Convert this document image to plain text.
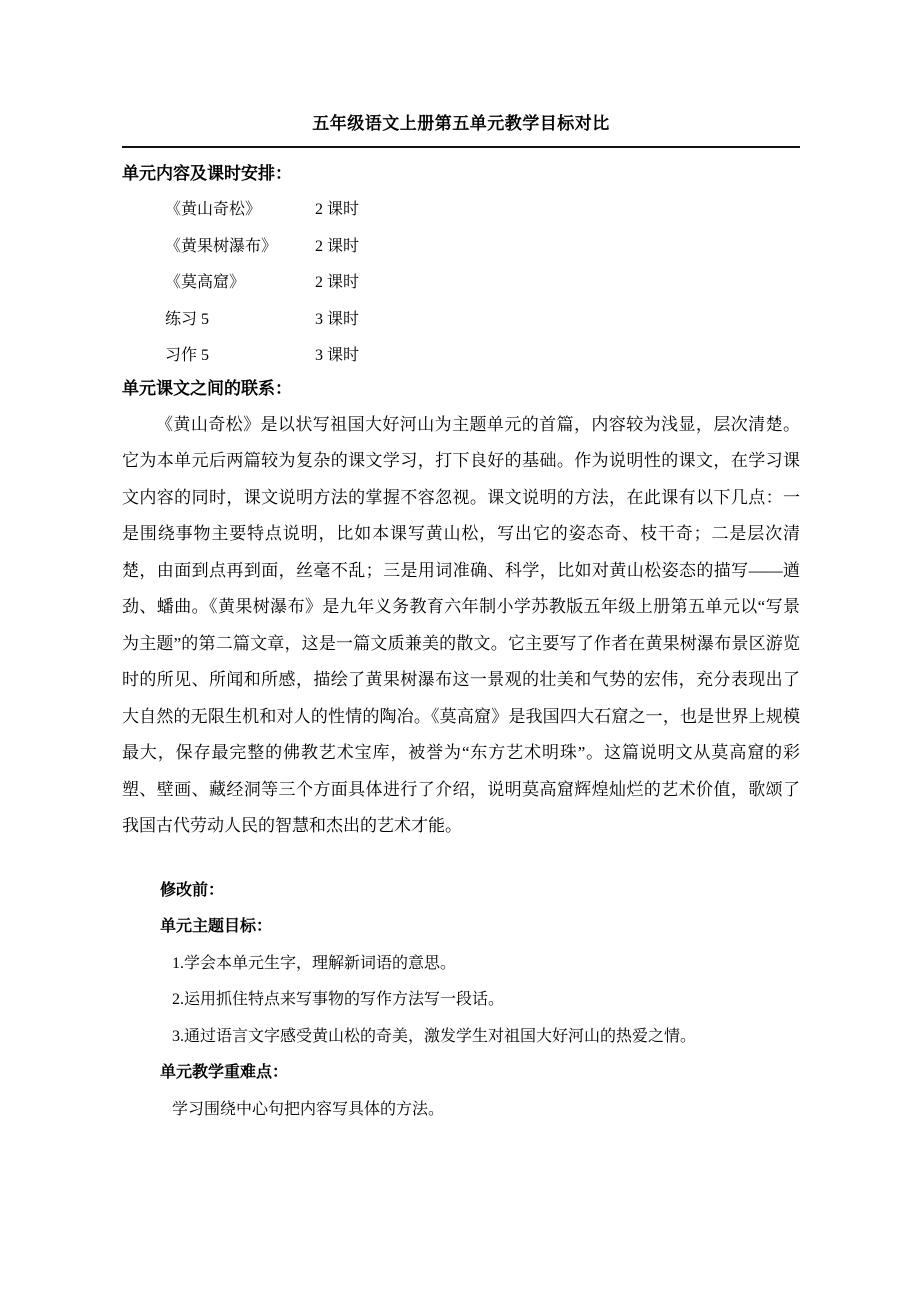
五年级语文上册第五单元教学目标对比
单元内容及课时安排：
《黄山奇松》	2 课时
《黄果树瀑布》	2 课时
《莫高窟》	2 课时
练习 5	3 课时
习作 5	3 课时
单元课文之间的联系：

《黄山奇松》是以状写祖国大好河山为主题单元的首篇，内容较为浅显，层次清楚。它为本单元后两篇较为复杂的课文学习，打下良好的基础。作为说明性的课文，在学习课文内容的同时，课文说明方法的掌握不容忽视。课文说明的方法，在此课有以下几点：一是围绕事物主要特点说明，比如本课写黄山松，写出它的姿态奇、枝干奇；二是层次清楚，由面到点再到面，丝毫不乱；三是用词准确、科学，比如对黄山松姿态的描写——遒劲、蟠曲。《黄果树瀑布》是九年义务教育六年制小学苏教版五年级上册第五单元以“写景为主题”的第二篇文章，这是一篇文质兼美的散文。它主要写了作者在黄果树瀑布景区游览时的所见、所闻和所感，描绘了黄果树瀑布这一景观的壮美和气势的宏伟，充分表现出了大自然的无限生机和对人的性情的陶冶。《莫高窟》是我国四大石窟之一，也是世界上规模最大，保存最完整的佛教艺术宝库，被誉为“东方艺术明珠”。这篇说明文从莫高窟的彩塑、壁画、藏经洞等三个方面具体进行了介绍，说明莫高窟辉煌灿烂的艺术价值，歌颂了我国古代劳动人民的智慧和杰出的艺术才能。

修改前：
单元主题目标：

1.学会本单元生字，理解新词语的意思。

2.运用抓住特点来写事物的写作方法写一段话。

3.通过语言文字感受黄山松的奇美，激发学生对祖国大好河山的热爱之情。

单元教学重难点：

学习围绕中心句把内容写具体的方法。
